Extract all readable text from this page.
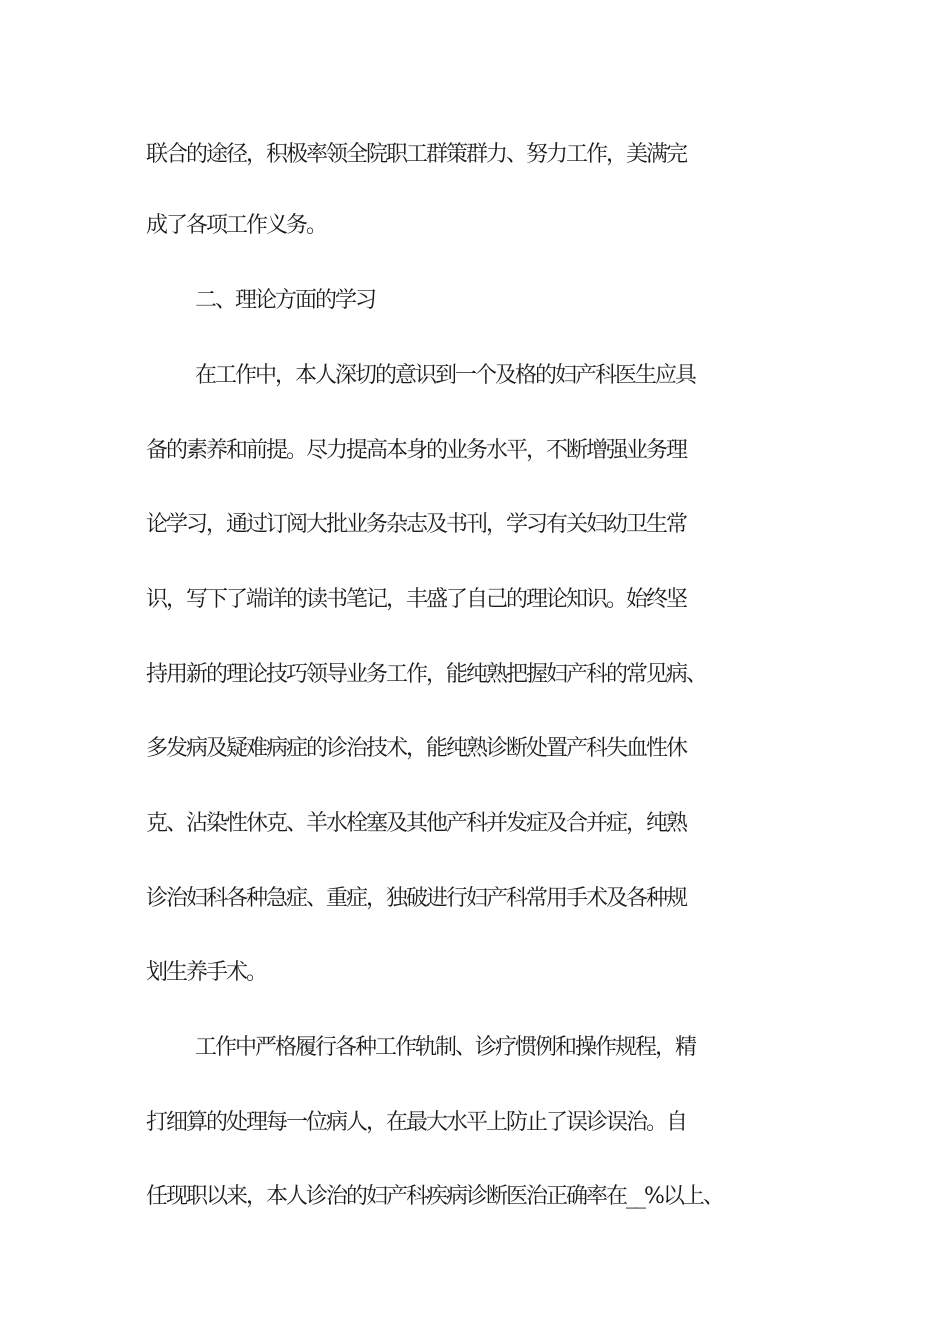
联合的途径，积极率领全院职工群策群力、努力工作，美满完
成了各项工作义务。
二、理论方面的学习
在工作中，本人深切的意识到一个及格的妇产科医生应具
备的素养和前提。尽力提高本身的业务水平，不断增强业务理
论学习，通过订阅大批业务杂志及书刊，学习有关妇幼卫生常
识，写下了端详的读书笔记，丰盛了自己的理论知识。始终坚
持用新的理论技巧领导业务工作，能纯熟把握妇产科的常见病、
多发病及疑难病症的诊治技术，能纯熟诊断处置产科失血性休
克、沾染性休克、羊水栓塞及其他产科并发症及合并症，纯熟
诊治妇科各种急症、重症，独破进行妇产科常用手术及各种规
划生养手术。
工作中严格履行各种工作轨制、诊疗惯例和操作规程，精
打细算的处理每一位病人，在最大水平上防止了误诊误治。自
任现职以来，本人诊治的妇产科疾病诊断医治正确率在__%以上、
